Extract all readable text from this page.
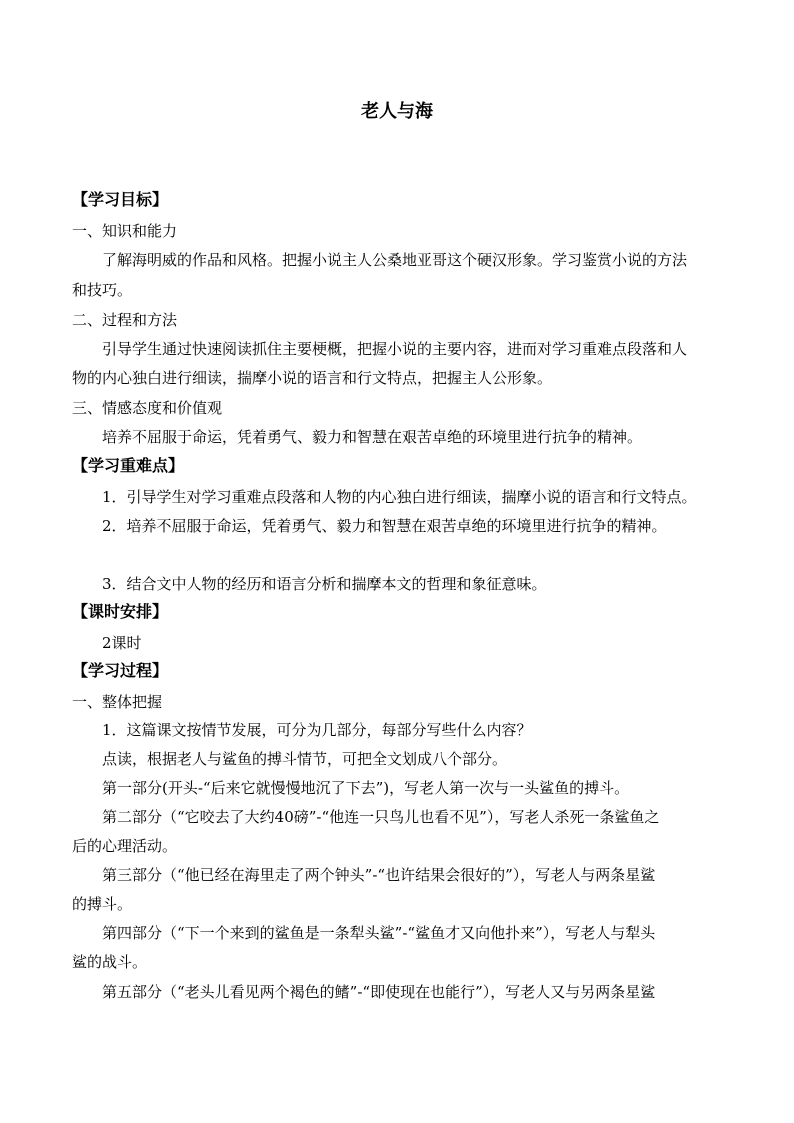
老人与海
【学习目标】
一、知识和能力
了解海明威的作品和风格。把握小说主人公桑地亚哥这个硬汉形象。学习鉴赏小说的方法
和技巧。
二、过程和方法
引导学生通过快速阅读抓住主要梗概，把握小说的主要内容，进而对学习重难点段落和人
物的内心独白进行细读，揣摩小说的语言和行文特点，把握主人公形象。
三、情感态度和价值观
培养不屈服于命运，凭着勇气、毅力和智慧在艰苦卓绝的环境里进行抗争的精神。
【学习重难点】
1．引导学生对学习重难点段落和人物的内心独白进行细读，揣摩小说的语言和行文特点。
2．培养不屈服于命运，凭着勇气、毅力和智慧在艰苦卓绝的环境里进行抗争的精神。
3．结合文中人物的经历和语言分析和揣摩本文的哲理和象征意味。
【课时安排】
2课时
【学习过程】
一、整体把握
1．这篇课文按情节发展，可分为几部分，每部分写些什么内容？
点读，根据老人与鲨鱼的搏斗情节，可把全文划成八个部分。
第一部分(开头-“后来它就慢慢地沉了下去”)，写老人第一次与一头鲨鱼的搏斗。
第二部分（“它咬去了大约40磅”-“他连一只鸟儿也看不见”），写老人杀死一条鲨鱼之
后的心理活动。
第三部分（“他已经在海里走了两个钟头”-“也许结果会很好的”），写老人与两条星鲨
的搏斗。
第四部分（“下一个来到的鲨鱼是一条犁头鲨”-“鲨鱼才又向他扑来”），写老人与犁头
鲨的战斗。
第五部分（“老头儿看见两个褐色的鳍”-“即使现在也能行”），写老人又与另两条星鲨
